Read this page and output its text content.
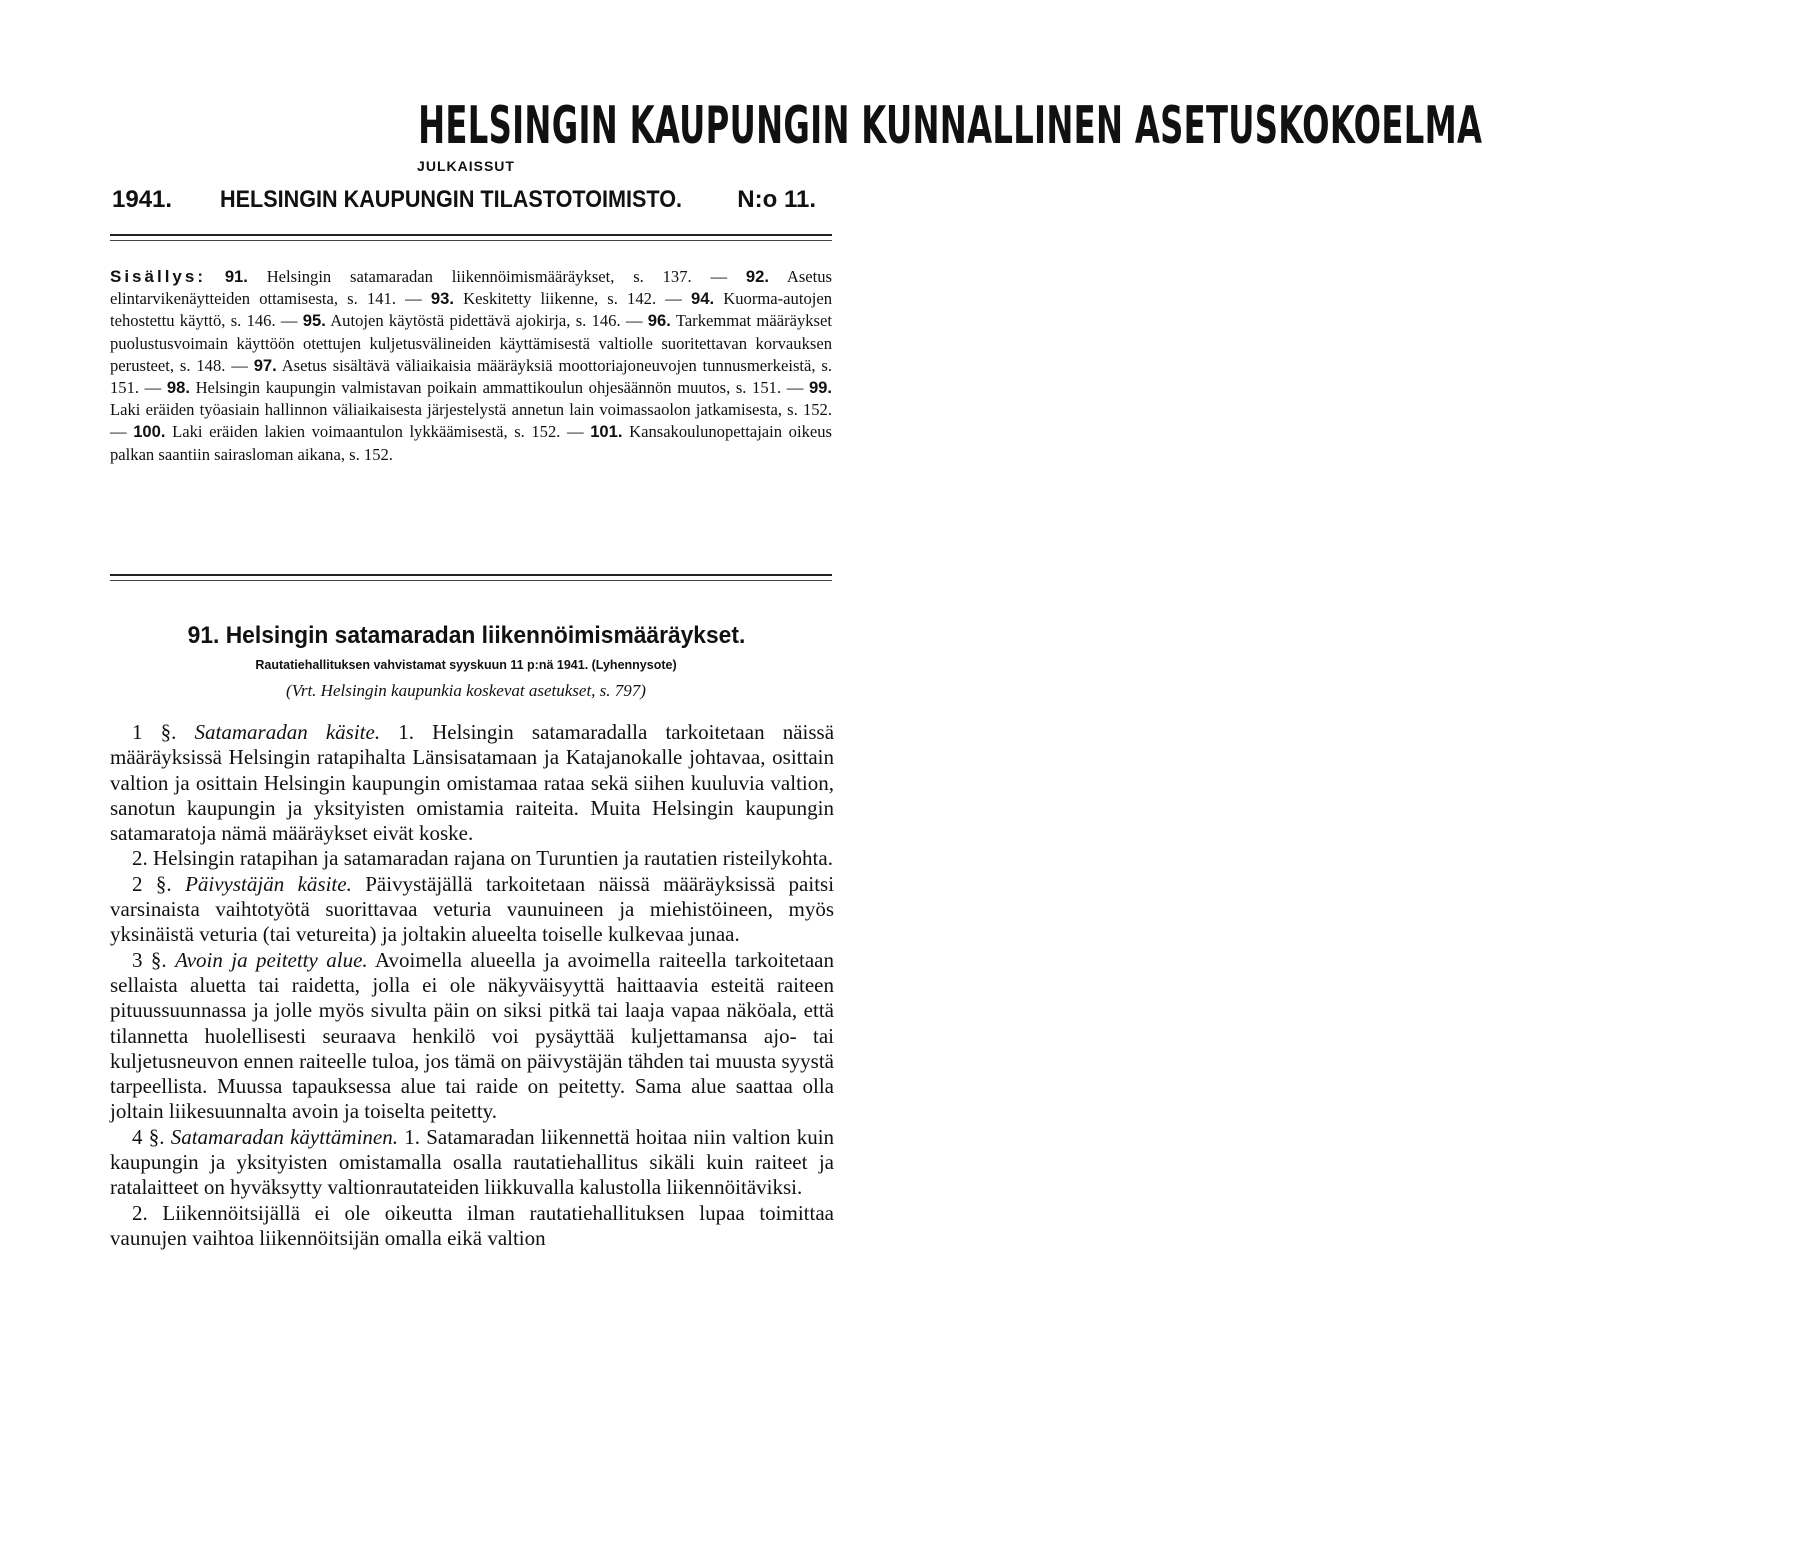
HELSINGIN KAUPUNGIN KUNNALLINEN ASETUSKOKOELMA
JULKAISSUT
1941. HELSINGIN KAUPUNGIN TILASTOTOIMISTO. N:o 11.
Sisällys: 91. Helsingin satamaradan liikennöimismääräykset, s. 137. — 92. Asetus elintarvikenäytteiden ottamisesta, s. 141. — 93. Keskitetty liikenne, s. 142. — 94. Kuorma-autojen tehostettu käyttö, s. 146. — 95. Autojen käytöstä pidettävä ajokirja, s. 146. — 96. Tarkemmat määräykset puolustusvoimain käyttöön otettujen kuljetusvälineiden käyttämisestä valtiolle suoritettavan korvauksen perusteet, s. 148. — 97. Asetus sisältävä väliaikaisia määräyksiä moottoriajoneuvojen tunnusmerkeistä, s. 151. — 98. Helsingin kaupungin valmistavan poikain ammattikoulun ohjesäännön muutos, s. 151. — 99. Laki eräiden työasiain hallinnon väliaikaisesta järjestelystä annetun lain voimassaolon jatkamisesta, s. 152. — 100. Laki eräiden lakien voimaantulon lykkäämisestä, s. 152. — 101. Kansakoulunopettajain oikeus palkan saantiin sairasloman aikana, s. 152.
91. Helsingin satamaradan liikennöimismääräykset.
Rautatiehallituksen vahvistamat syyskuun 11 p:nä 1941. (Lyhennysote)
(Vrt. Helsingin kaupunkia koskevat asetukset, s. 797)

1 §. Satamaradan käsite. 1. Helsingin satamaradalla tarkoitetaan näissä määräyksissä Helsingin ratapihalta Länsisatamaan ja Katajanokalle johtavaa, osittain valtion ja osittain Helsingin kaupungin omistamaa rataa sekä siihen kuuluvia valtion, sanotun kaupungin ja yksityisten omistamia raiteita. Muita Helsingin kaupungin satamaratoja nämä määräykset eivät koske.

2. Helsingin ratapihan ja satamaradan rajana on Turuntien ja rautatien risteilykohta.

2 §. Päivystäjän käsite. Päivystäjällä tarkoitetaan näissä määräyksissä paitsi varsinaista vaihtotyötä suorittavaa veturia vaunuineen ja miehistöineen, myös yksinäistä veturia (tai vetureita) ja joltakin alueelta toiselle kulkevaa junaa.

3 §. Avoin ja peitetty alue. Avoimella alueella ja avoimella raiteella tarkoitetaan sellaista aluetta tai raidetta, jolla ei ole näkyväisyyttä haittaavia esteitä raiteen pituussuunnassa ja jolle myös sivulta päin on siksi pitkä tai laaja vapaa näköala, että tilannetta huolellisesti seuraava henkilö voi pysäyttää kuljettamansa ajo- tai kuljetusneuvon ennen raiteelle tuloa, jos tämä on päivystäjän tähden tai muusta syystä tarpeellista. Muussa tapauksessa alue tai raide on peitetty. Sama alue saattaa olla joltain liikesuunnalta avoin ja toiselta peitetty.

4 §. Satamaradan käyttäminen. 1. Satamaradan liikennettä hoitaa niin valtion kuin kaupungin ja yksityisten omistamalla osalla rautatiehallitus sikäli kuin raiteet ja ratalaitteet on hyväksytty valtionrautateiden liikkuvalla kalustolla liikennöitäviksi.

2. Liikennöitsijällä ei ole oikeutta ilman rautatiehallituksen lupaa toimittaa vaunujen vaihtoa liikennöitsijän omalla eikä valtion
